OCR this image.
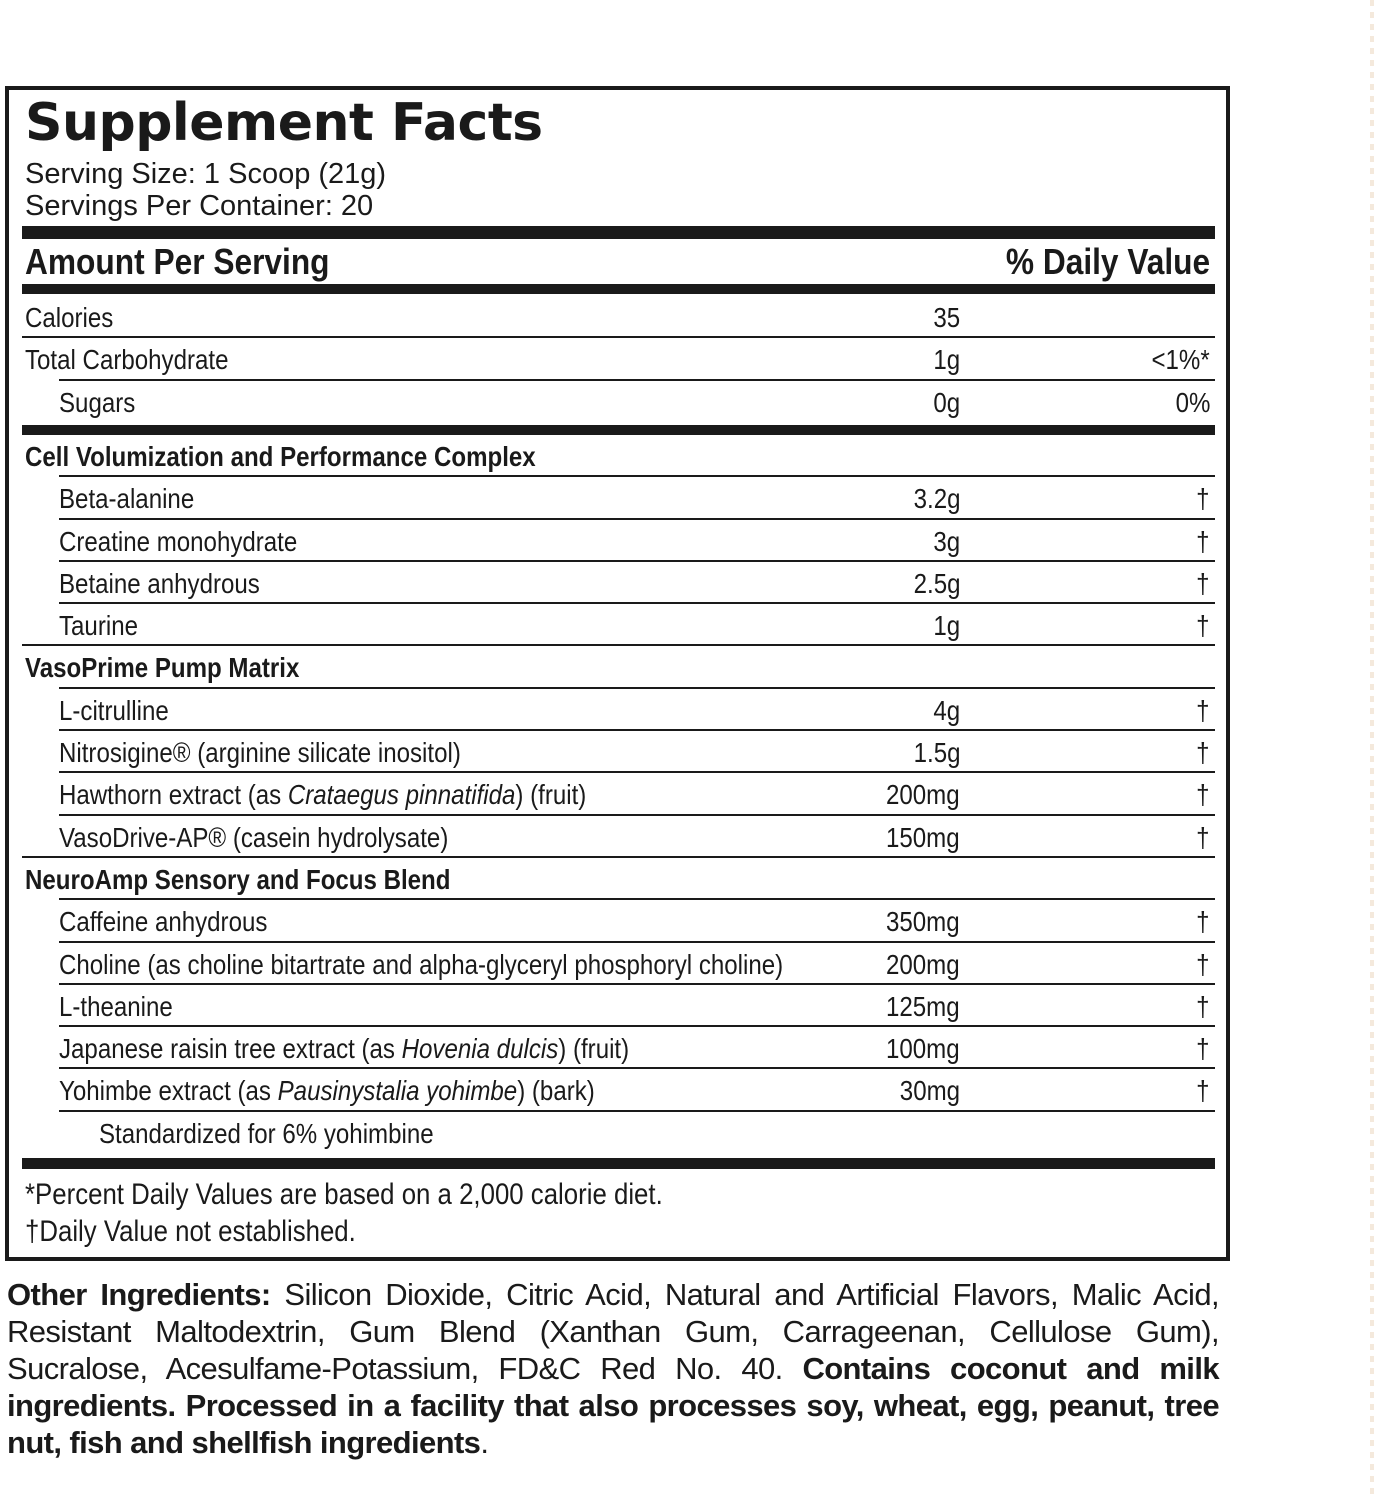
Supplement Facts
Serving Size: 1 Scoop (21g)
Servings Per Container: 20
Amount Per Serving	% Daily Value
Calories	35
Total Carbohydrate	1g	<1%*
Sugars	0g	0%
Cell Volumization and Performance Complex
Beta-alanine	3.2g	†
Creatine monohydrate	3g	†
Betaine anhydrous	2.5g	†
Taurine	1g	†
VasoPrime Pump Matrix
L-citrulline	4g	†
Nitrosigine® (arginine silicate inositol)	1.5g	†
Hawthorn extract (as Crataegus pinnatifida) (fruit)	200mg	†
VasoDrive-AP® (casein hydrolysate)	150mg	†
NeuroAmp Sensory and Focus Blend
Caffeine anhydrous	350mg	†
Choline (as choline bitartrate and alpha-glyceryl phosphoryl choline)	200mg	†
L-theanine	125mg	†
Japanese raisin tree extract (as Hovenia dulcis) (fruit)	100mg	†
Yohimbe extract (as Pausinystalia yohimbe) (bark)	30mg	†
Standardized for 6% yohimbine
*Percent Daily Values are based on a 2,000 calorie diet.
†Daily Value not established.
Other Ingredients: Silicon Dioxide, Citric Acid, Natural and Artificial Flavors, Malic Acid, Resistant Maltodextrin, Gum Blend (Xanthan Gum, Carrageenan, Cellulose Gum), Sucralose, Acesulfame-Potassium, FD&C Red No. 40. Contains coconut and milk ingredients. Processed in a facility that also processes soy, wheat, egg, peanut, tree nut, fish and shellfish ingredients.
